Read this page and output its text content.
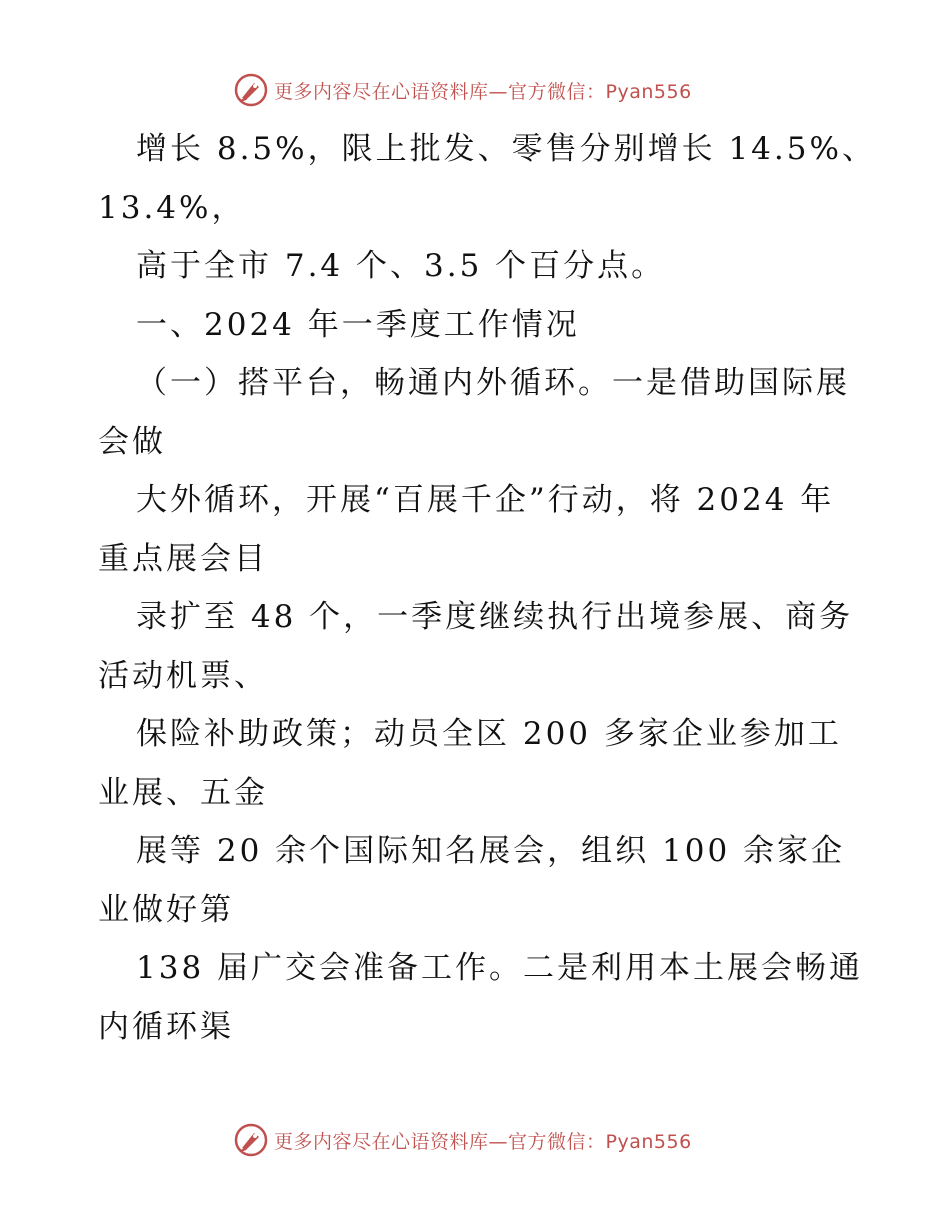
更多内容尽在心语资料库—官方微信：Pyan556

增长 8.5%，限上批发、零售分别增长 14.5%、

13.4%，

高于全市 7.4 个、3.5 个百分点。

一、2024 年一季度工作情况

（一）搭平台，畅通内外循环。一是借助国际展

会做

大外循环，开展“百展千企”行动，将 2024 年

重点展会目

录扩至 48 个，一季度继续执行出境参展、商务

活动机票、

保险补助政策；动员全区 200 多家企业参加工

业展、五金

展等 20 余个国际知名展会，组织 100 余家企

业做好第

138 届广交会准备工作。二是利用本土展会畅通

内循环渠

更多内容尽在心语资料库—官方微信：Pyan556
